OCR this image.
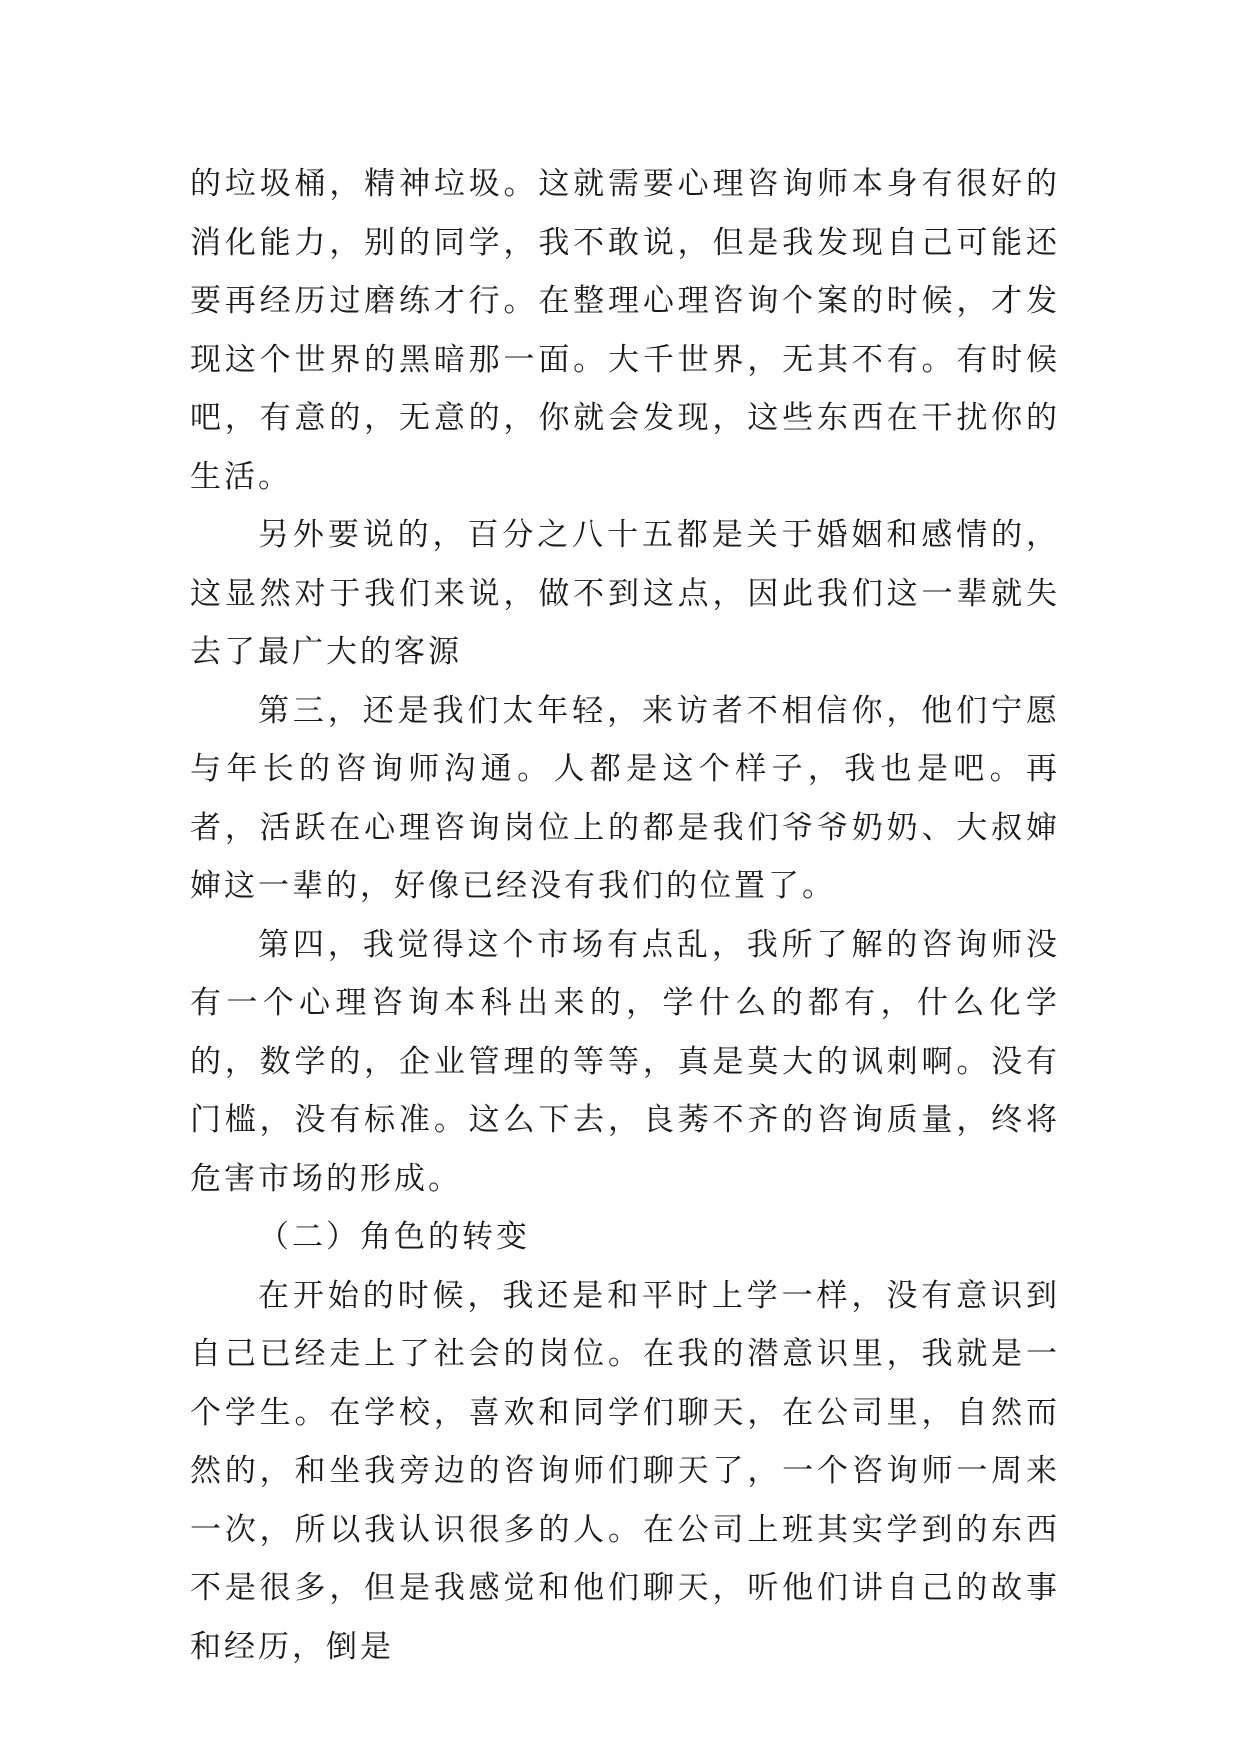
的垃圾桶，精神垃圾。这就需要心理咨询师本身有很好的消化能力，别的同学，我不敢说，但是我发现自己可能还要再经历过磨练才行。在整理心理咨询个案的时候，才发现这个世界的黑暗那一面。大千世界，无其不有。有时候吧，有意的，无意的，你就会发现，这些东西在干扰你的生活。

另外要说的，百分之八十五都是关于婚姻和感情的，这显然对于我们来说，做不到这点，因此我们这一辈就失去了最广大的客源

第三，还是我们太年轻，来访者不相信你，他们宁愿与年长的咨询师沟通。人都是这个样子，我也是吧。再者，活跃在心理咨询岗位上的都是我们爷爷奶奶、大叔婶婶这一辈的，好像已经没有我们的位置了。

第四，我觉得这个市场有点乱，我所了解的咨询师没有一个心理咨询本科出来的，学什么的都有，什么化学的，数学的，企业管理的等等，真是莫大的讽刺啊。没有门槛，没有标准。这么下去，良莠不齐的咨询质量，终将危害市场的形成。

（二）角色的转变

在开始的时候，我还是和平时上学一样，没有意识到自己已经走上了社会的岗位。在我的潜意识里，我就是一个学生。在学校，喜欢和同学们聊天，在公司里，自然而然的，和坐我旁边的咨询师们聊天了，一个咨询师一周来一次，所以我认识很多的人。在公司上班其实学到的东西不是很多，但是我感觉和他们聊天，听他们讲自己的故事和经历，倒是
